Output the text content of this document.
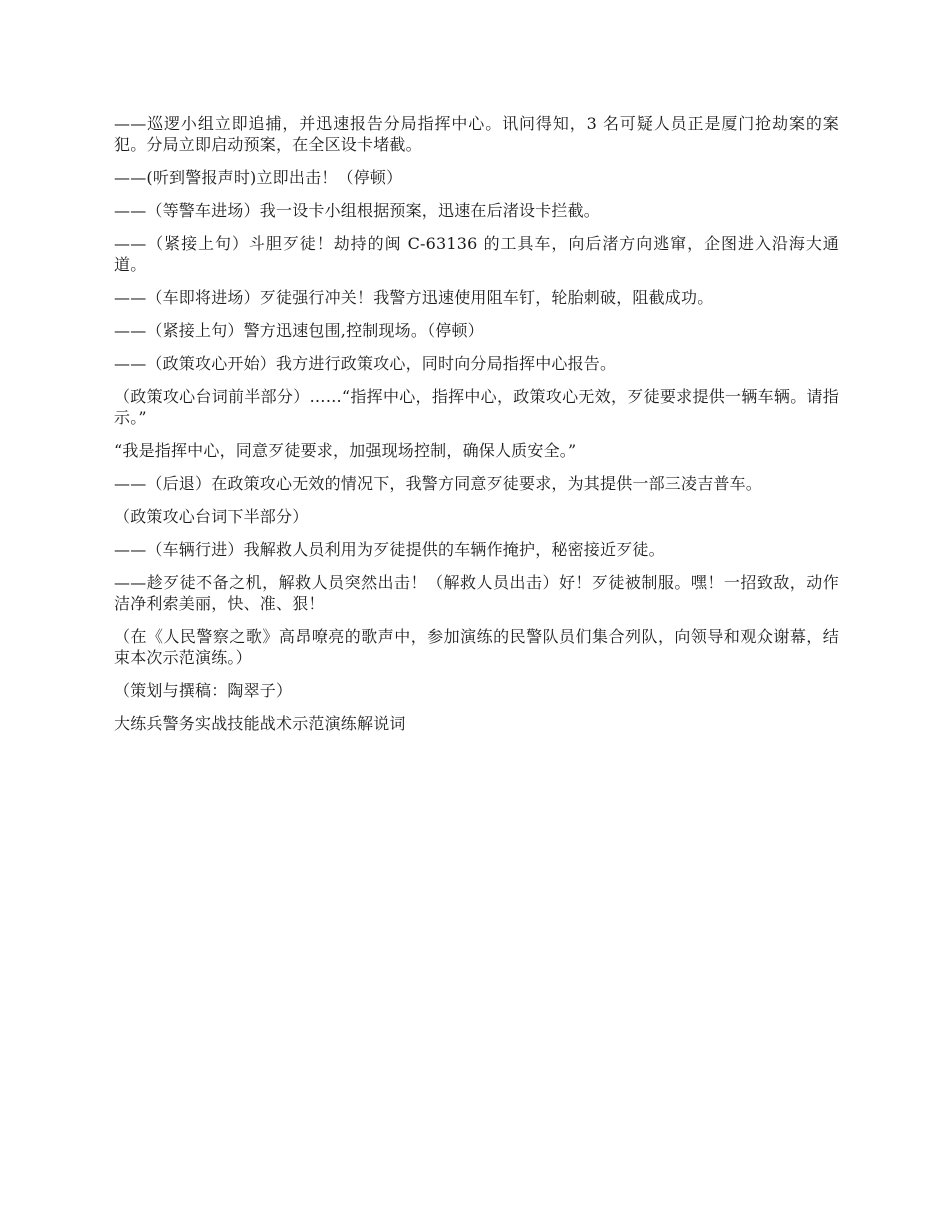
——巡逻小组立即追捕，并迅速报告分局指挥中心。讯问得知，3 名可疑人员正是厦门抢劫案的案犯。分局立即启动预案，在全区设卡堵截。

——(听到警报声时)立即出击！（停顿）

——（等警车进场）我一设卡小组根据预案，迅速在后渚设卡拦截。

——（紧接上句）斗胆歹徒！劫持的闽 C-63136 的工具车，向后渚方向逃窜，企图进入沿海大通道。

——（车即将进场）歹徒强行冲关！我警方迅速使用阻车钉，轮胎刺破，阻截成功。

——（紧接上句）警方迅速包围,控制现场。（停顿）

——（政策攻心开始）我方进行政策攻心，同时向分局指挥中心报告。

（政策攻心台词前半部分）……“指挥中心，指挥中心，政策攻心无效，歹徒要求提供一辆车辆。请指示。”

“我是指挥中心，同意歹徒要求，加强现场控制，确保人质安全。”

——（后退）在政策攻心无效的情况下，我警方同意歹徒要求，为其提供一部三凌吉普车。

（政策攻心台词下半部分）

——（车辆行进）我解救人员利用为歹徒提供的车辆作掩护，秘密接近歹徒。

——趁歹徒不备之机，解救人员突然出击！（解救人员出击）好！歹徒被制服。嘿！一招致敌，动作洁净利索美丽，快、准、狠！

（在《人民警察之歌》高昂嘹亮的歌声中，参加演练的民警队员们集合列队，向领导和观众谢幕，结束本次示范演练。）

（策划与撰稿：陶翠子）

大练兵警务实战技能战术示范演练解说词
